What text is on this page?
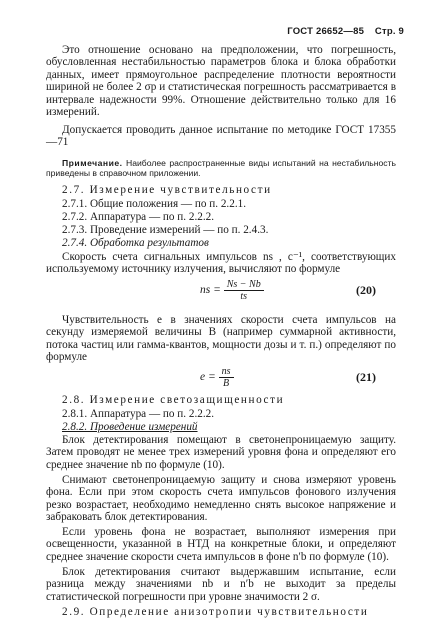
ГОСТ 26652—85 Стр. 9
Это отношение основано на предположении, что погрешность, обусловленная нестабильностью параметров блока и блока обработки данных, имеет прямоугольное распределение плотности вероятности шириной не более 2 σр и статистическая погрешность рассматривается в интервале надежности 99%. Отношение действительно только для 16 измерений.
Допускается проводить данное испытание по методике ГОСТ 17355—71
Примечание. Наиболее распространенные виды испытаний на нестабильность приведены в справочном приложении.
2.7. Измерение чувствительности
2.7.1. Общие положения — по п. 2.2.1.
2.7.2. Аппаратура — по п. 2.2.2.
2.7.3. Проведение измерений — по п. 2.4.3.
2.7.4. Обработка результатов
Скорость счета сигнальных импульсов ns , с⁻¹, соответствующих используемому источнику излучения, вычисляют по формуле
ns = $\frac{Ns - Nb}{ts}$	(20)
Чувствительность e в значениях скорости счета импульсов на секунду измеряемой величины B (например суммарной активности, потока частиц или гамма-квантов, мощности дозы и т. п.) определяют по формуле
$e = \frac{ns}{B}$	(21)
2.8. Измерение светозащищенности
2.8.1. Аппаратура — по п. 2.2.2.
2.8.2. Проведение измерений
Блок детектирования помещают в светонепроницаемую защиту. Затем проводят не менее трех измерений уровня фона и определяют его среднее значение nb по формуле (10).
Снимают светонепроницаемую защиту и снова измеряют уровень фона. Если при этом скорость счета импульсов фонового излучения резко возрастает, необходимо немедленно снять высокое напряжение и забраковать блок детектирования.
Если уровень фона не возрастает, выполняют измерения при освещенности, указанной в НТД на конкретные блоки, и определяют среднее значение скорости счета импульсов в фоне n′b по формуле (10).
Блок детектирования считают выдержавшим испытание, если разница между значениями nb и n′b не выходит за пределы статистической погрешности при уровне значимости 2 σ.
2.9. Определение анизотропии чувствительности
